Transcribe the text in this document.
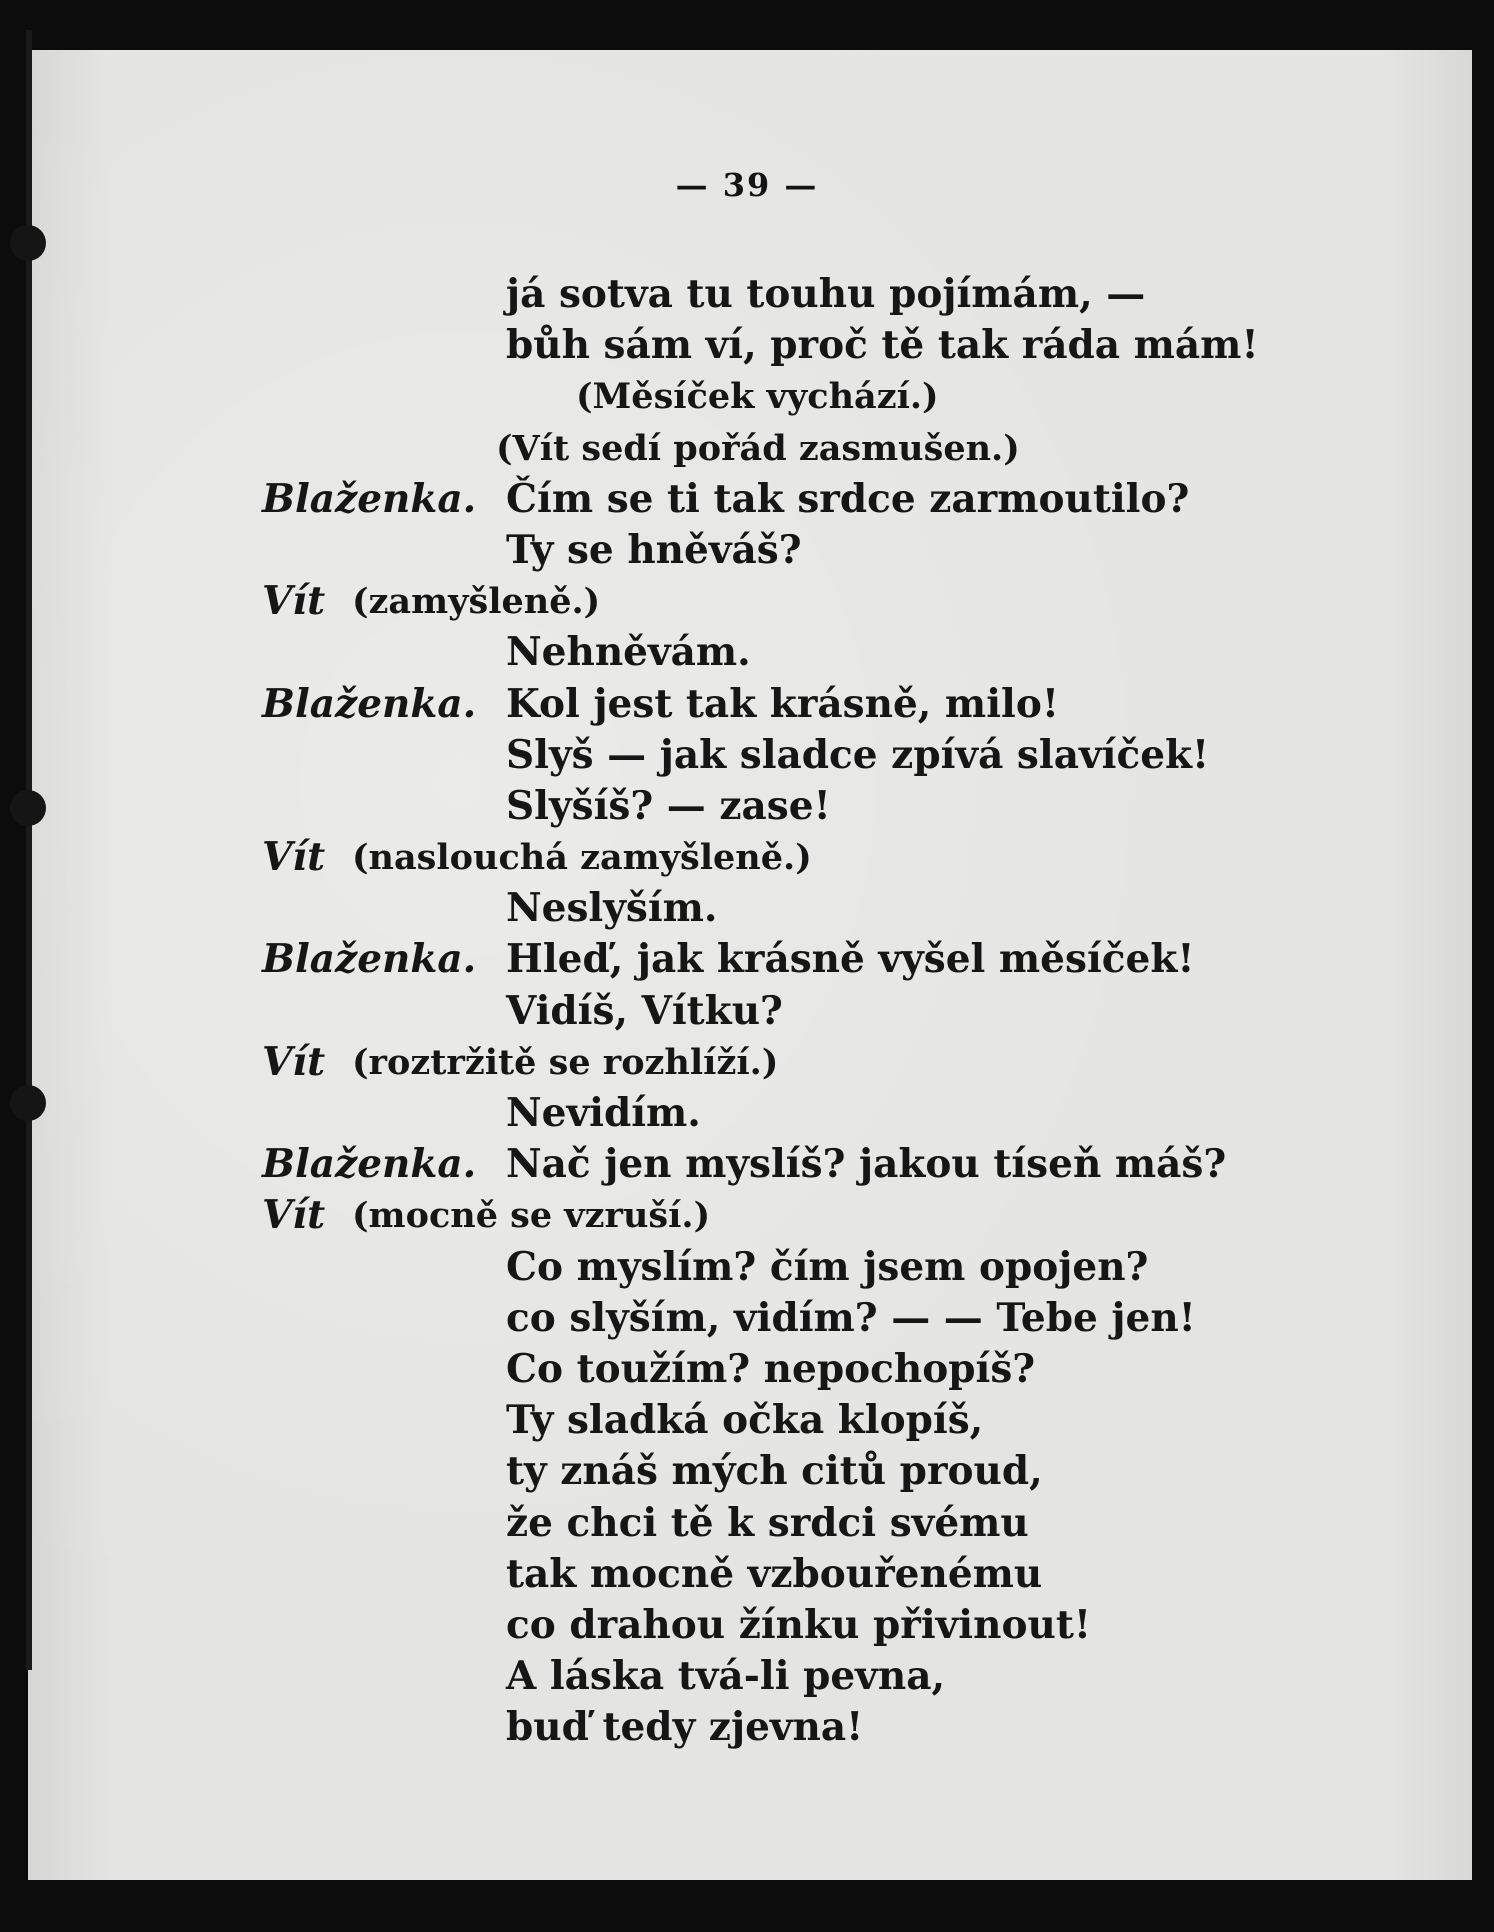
— 39 —
já sotva tu touhu pojímám, —
bůh sám ví, proč tě tak ráda mám!
(Měsíček vychází.)
(Vít sedí pořád zasmušen.)
Blaženka. Čím se ti tak srdce zarmoutilo?
Ty se hněváš?
Vít (zamyšleně.)
Nehněvám.
Blaženka. Kol jest tak krásně, milo!
Slyš — jak sladce zpívá slavíček!
Slyšíš? — zase!
Vít (naslouchá zamyšleně.)
Neslyším.
Blaženka. Hleď, jak krásně vyšel měsíček!
Vidíš, Vítku?
Vít (roztržitě se rozhlíží.)
Nevidím.
Blaženka. Nač jen myslíš? jakou tíseň máš?
Vít (mocně se vzruší.)
Co myslím? čím jsem opojen?
co slyším, vidím? — — Tebe jen!
Co toužím? nepochopíš?
Ty sladká očka klopíš,
ty znáš mých citů proud,
že chci tě k srdci svému
tak mocně vzbouřenému
co drahou žínku přivinout!
A láska tvá-li pevna,
buď tedy zjevna!
